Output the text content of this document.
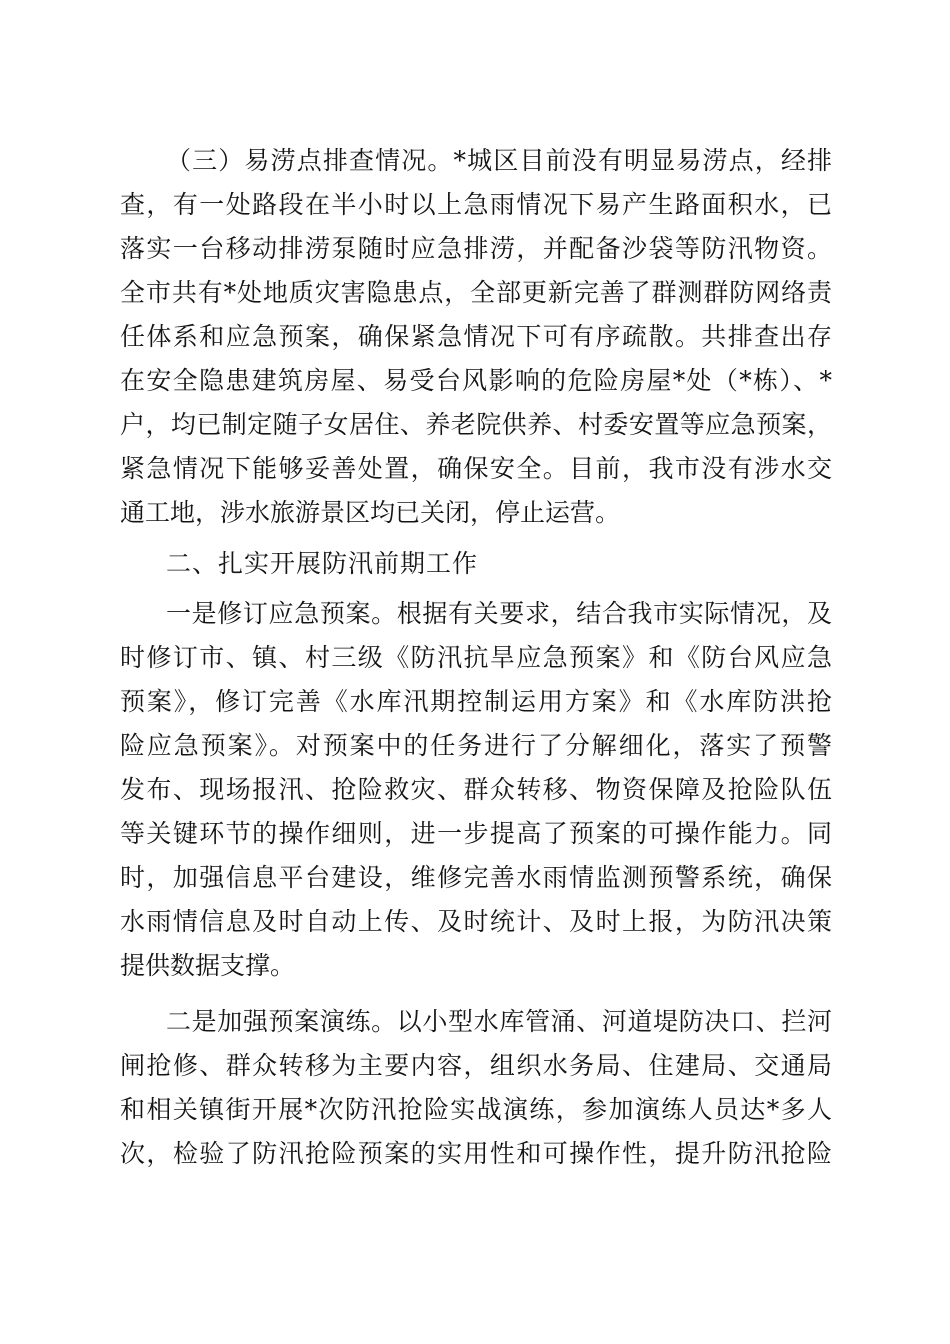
（三）易涝点排查情况。*城区目前没有明显易涝点，经排
查，有一处路段在半小时以上急雨情况下易产生路面积水，已
落实一台移动排涝泵随时应急排涝，并配备沙袋等防汛物资。
全市共有*处地质灾害隐患点，全部更新完善了群测群防网络责
任体系和应急预案，确保紧急情况下可有序疏散。共排查出存
在安全隐患建筑房屋、易受台风影响的危险房屋*处（*栋）、*
户，均已制定随子女居住、养老院供养、村委安置等应急预案，
紧急情况下能够妥善处置，确保安全。目前，我市没有涉水交
通工地，涉水旅游景区均已关闭，停止运营。
二、扎实开展防汛前期工作
一是修订应急预案。根据有关要求，结合我市实际情况，及
时修订市、镇、村三级《防汛抗旱应急预案》和《防台风应急
预案》，修订完善《水库汛期控制运用方案》和《水库防洪抢
险应急预案》。对预案中的任务进行了分解细化，落实了预警
发布、现场报汛、抢险救灾、群众转移、物资保障及抢险队伍
等关键环节的操作细则，进一步提高了预案的可操作能力。同
时，加强信息平台建设，维修完善水雨情监测预警系统，确保
水雨情信息及时自动上传、及时统计、及时上报，为防汛决策
提供数据支撑。
二是加强预案演练。以小型水库管涌、河道堤防决口、拦河
闸抢修、群众转移为主要内容，组织水务局、住建局、交通局
和相关镇街开展*次防汛抢险实战演练，参加演练人员达*多人
次，检验了防汛抢险预案的实用性和可操作性，提升防汛抢险
